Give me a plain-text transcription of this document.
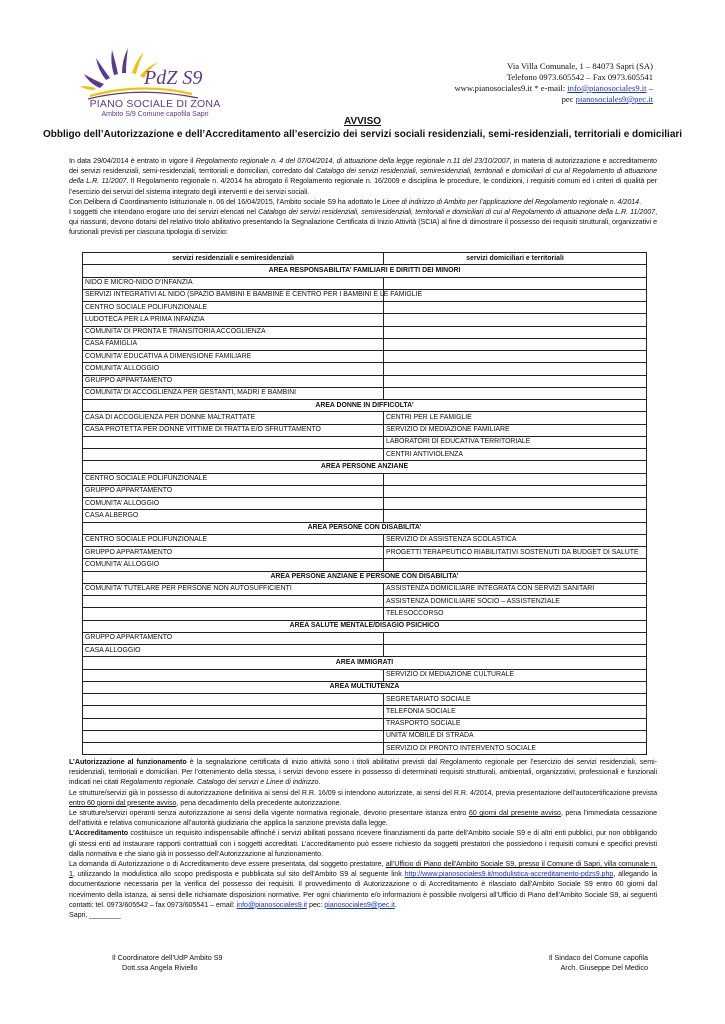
PdZ S9
PIANO SOCIALE DI ZONA
Ambito S/9 Comune capofila Sapri
Via Villa Comunale, 1 – 84073 Sapri (SA)
Telefono 0973.605542 – Fax 0973.605541
www.pianosociales9.it * e-mail: info@pianosociales9.it –
pec pianosociales9@pec.it
AVVISO
Obbligo dell’Autorizzazione e dell’Accreditamento all’esercizio dei servizi sociali residenziali, semi-residenziali, territoriali e domiciliari
In data 29/04/2014 è entrato in vigore il Regolamento regionale n. 4 del 07/04/2014, di attuazione della legge regionale n.11 del 23/10/2007, in materia di autorizzazione e accreditamento dei servizi residenziali, semi-residenziali, territoriali e domiciliari, corredato dal Catalogo dei servizi residenziali, semiresidenziali, territoriali e domiciliari di cui al Regolamento di attuazione della L.R. 11/2007. Il Regolamento regionale n. 4/2014 ha abrogato il Regolamento regionale n. 16/2009 e disciplina le procedure, le condizioni, i requisiti comuni ed i criteri di qualità per l’esercizio dei servizi del sistema integrato degli interventi e dei servizi sociali.
Con Delibera di Coordinamento Istituzionale n. 06 del 16/04/2015, l’Ambito sociale S9 ha adottato le Linee di indirizzo di Ambito per l’applicazione del Regolamento regionale n. 4/2014.
I soggetti che intendano erogare uno dei servizi elencati nel Catalogo dei servizi residenziali, semiresidenziali, territoriali e domiciliari di cui al Regolamento di attuazione della L.R. 11/2007, qui riassunti, devono dotarsi del relativo titolo abilitativo presentando la Segnalazione Certificata di Inizio Attività (SCIA) al fine di dimostrare il possesso dei requisiti strutturali, organizzativi e funzionali previsti per ciascuna tipologia di servizio:
servizi residenziali e semiresidenziali	servizi domiciliari e territoriali
AREA RESPONSABILITA’ FAMILIARI E DIRITTI DEI MINORI	
NIDO E MICRO-NIDO D’INFANZIA	
SERVIZI INTEGRATIVI AL NIDO (SPAZIO BAMBINI E BAMBINE E CENTRO PER I BAMBINI E LE FAMIGLIE	
CENTRO SOCIALE POLIFUNZIONALE	
LUDOTECA PER LA PRIMA INFANZIA	
COMUNITA’ DI PRONTA E TRANSITORIA ACCOGLIENZA	
CASA FAMIGLIA	
COMUNITA’ EDUCATIVA A DIMENSIONE FAMILIARE	
COMUNITA’ ALLOGGIO	
GRUPPO APPARTAMENTO	
COMUNITA’ DI ACCOGLIENZA PER GESTANTI, MADRI E BAMBINI	
AREA DONNE IN DIFFICOLTA’	
CASA DI ACCOGLIENZA PER DONNE MALTRATTATE	CENTRI PER LE FAMIGLIE
CASA PROTETTA PER DONNE VITTIME DI TRATTA E/O SFRUTTAMENTO	SERVIZIO DI MEDIAZIONE FAMILIARE
	LABORATORI DI EDUCATIVA TERRITORIALE
	CENTRI ANTIVIOLENZA
AREA PERSONE ANZIANE	
CENTRO SOCIALE POLIFUNZIONALE	
GRUPPO APPARTAMENTO	
COMUNITA’ ALLOGGIO	
CASA ALBERGO	
AREA PERSONE CON DISABILITA’	
CENTRO SOCIALE POLIFUNZIONALE	SERVIZIO DI ASSISTENZA SCOLASTICA
GRUPPO APPARTAMENTO	PROGETTI TERAPEUTICO RIABILITATIVI SOSTENUTI DA BUDGET DI SALUTE
COMUNITA’ ALLOGGIO	
AREA PERSONE ANZIANE E PERSONE CON DISABILITA’	
COMUNITA’ TUTELARE PER PERSONE NON AUTOSUFFICIENTI	ASSISTENZA DOMICILIARE INTEGRATA CON SERVIZI SANITARI
	ASSISTENZA DOMICILIARE SOCIO – ASSISTENZIALE
	TELESOCCORSO
AREA SALUTE MENTALE/DISAGIO PSICHICO	
GRUPPO APPARTAMENTO	
CASA ALLOGGIO	
AREA IMMIGRATI	
	SERVIZIO DI MEDIAZIONE CULTURALE
AREA MULTIUTENZA	
	SEGRETARIATO SOCIALE
	TELEFONIA SOCIALE
	TRASPORTO SOCIALE
	UNITA’ MOBILE DI STRADA
	SERVIZIO DI PRONTO INTERVENTO SOCIALE
L’Autorizzazione al funzionamento è la segnalazione certificata di inizio attività sono i titoli abilitativi previsti dal Regolamento regionale per l’esercizio dei servizi residenziali, semi-residenziali, territoriali e domiciliari. Per l’ottenimento della stessa, i servizi devono essere in possesso di determinati requisiti strutturali, ambientali, organizzativi, professionali e funzionali indicati nei citati Regolamento regionale. Catalogo dei servizi e Linee di indirizzo.
Le strutture/servizi già in possesso di autorizzazione definitiva ai sensi del R.R. 16/09 si intendono autorizzate, ai sensi del R.R. 4/2014, previa presentazione dell’autocertificazione prevista entro 60 giorni dal presente avviso, pena decadimento della precedente autorizzazione.
Le strutture/servizi operanti senza autorizzazione ai sensi della vigente normativa regionale, devono presentare istanza entro 60 giorni dal presente avviso, pena l’immediata cessazione dell’attività e relativa comunicazione all’autorità giudiziaria che applica la sanzione prevista dalla legge.
L’Accreditamento costituisce un requisito indispensabile affinché i servizi abilitati possano ricevere finanziamenti da parte dell’Ambito sociale S9 e di altri enti pubblici, pur non obbligando gli stessi enti ad instaurare rapporti contrattuali con i soggetti accreditati. L’accreditamento può essere richiesto da soggetti prestatori che possiedono i requisiti comuni e specifici previsti dalla normativa e che siano già in possesso dell’Autorizzazione al funzionamento.
La domanda di Autorizzazione o di Accreditamento deve essere presentata, dal soggetto prestatore, all’Ufficio di Piano dell’Ambito Sociale S9, presso il Comune di Sapri, villa comunale n. 1, utilizzando la modulistica allo scopo predisposta e pubblicata sul sito dell’Ambito S9 al seguente link http://www.pianosociales9.it/modulistica-accreditamento-pdzs9.php, allegando la documentazione necessaria per la verifica del possesso dei requisiti. Il provvedimento di Autorizzazione o di Accreditamento è rilasciato dall’Ambito Sociale S9 entro 60 giorni dal ricevimento della istanza, ai sensi delle richiamate disposizioni normative. Per ogni chiarimento e/o informazioni è possibile rivolgersi all’Ufficio di Piano dell’Ambito Sociale S9, ai seguenti contatti: tel. 0973/605542 – fax 0973/605541 – email: info@pianosociales9.it pec: pianosociales9@pec.it.
Sapri, ________
Il Coordinatore dell’UdP Ambito S9
Dott.ssa Angela Riviello
Il Sindaco del Comune capofila
Arch. Giuseppe Del Medico
